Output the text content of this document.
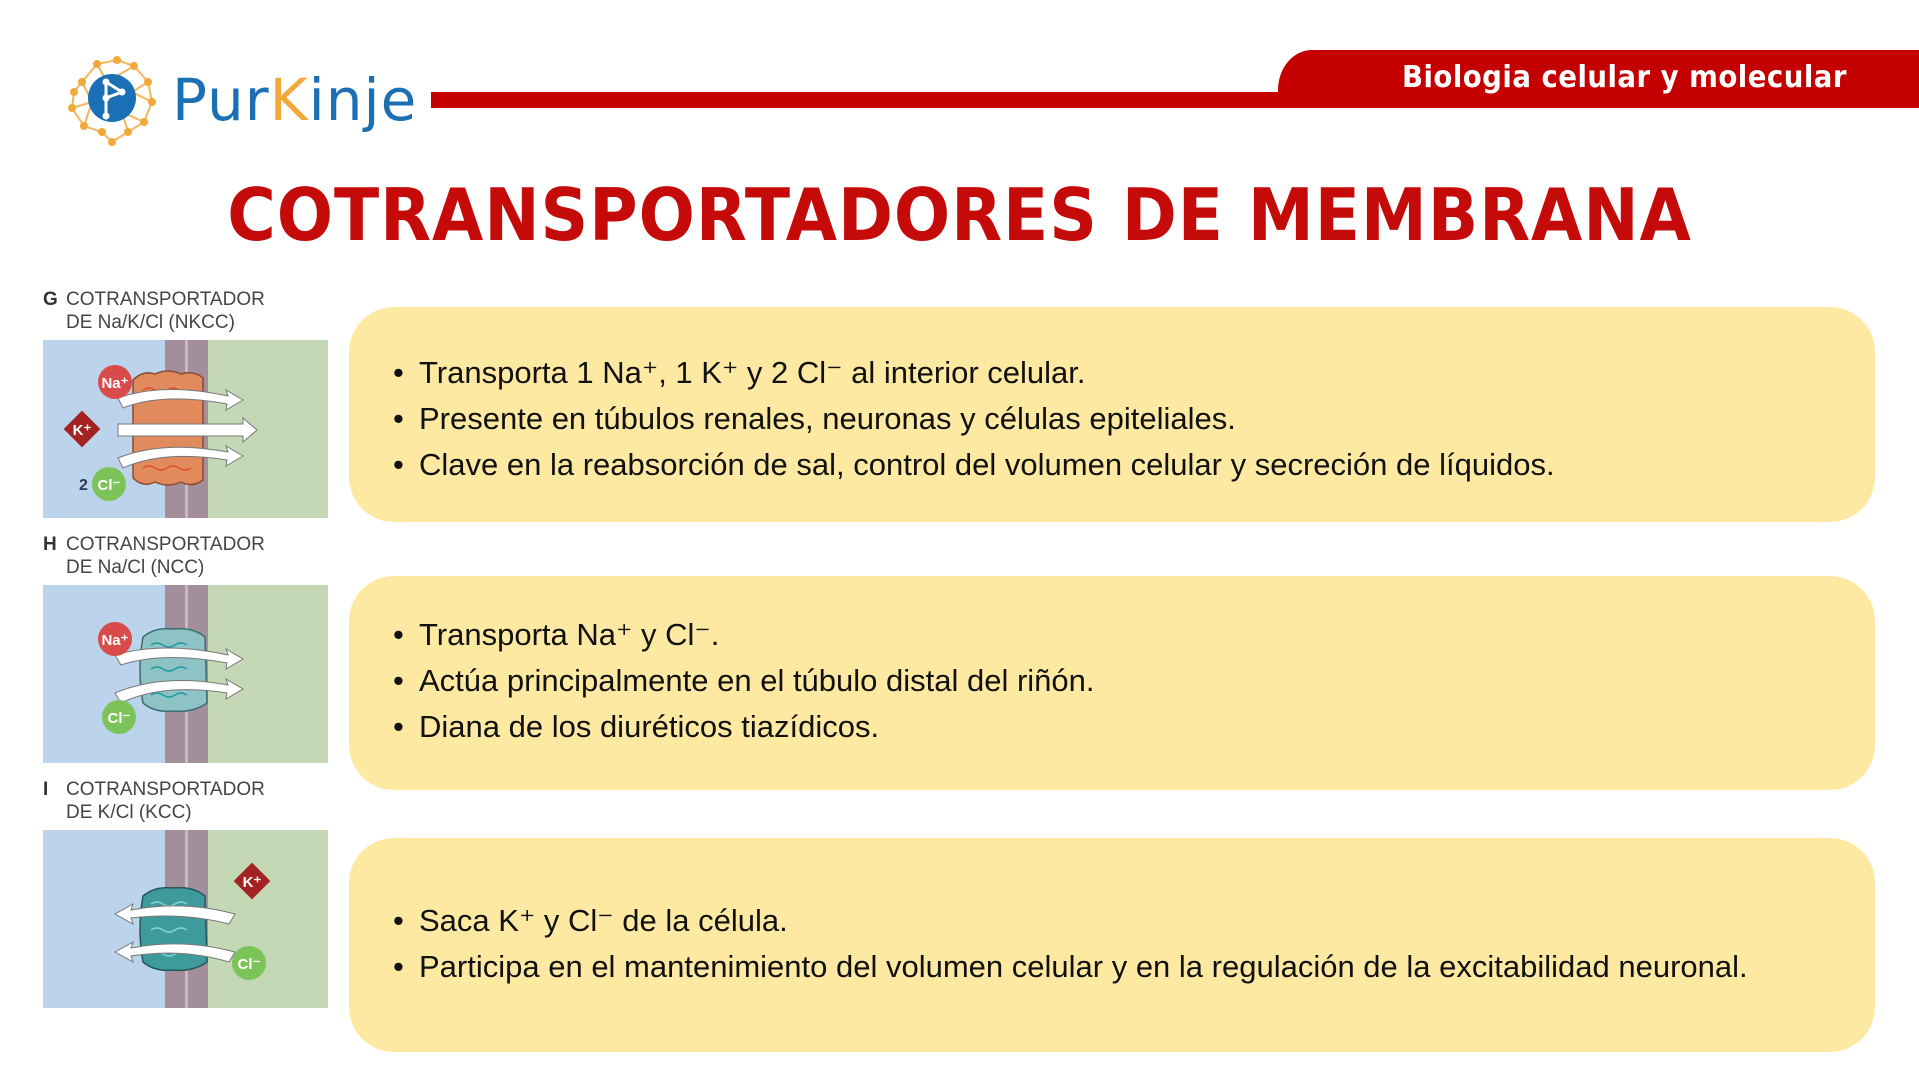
PurKinje	Biologia celular y molecular
COTRANSPORTADORES DE MEMBRANA
G COTRANSPORTADOR
DE Na/K/Cl (NKCC)
Na⁺
K⁺
2 Cl⁻
H COTRANSPORTADOR
DE Na/Cl (NCC)
Na⁺
Cl⁻
I COTRANSPORTADOR
DE K/Cl (KCC)
K⁺
Cl⁻
• Transporta 1 Na⁺, 1 K⁺ y 2 Cl⁻ al interior celular.
• Presente en túbulos renales, neuronas y células epiteliales.
• Clave en la reabsorción de sal, control del volumen celular y secreción de líquidos.
• Transporta Na⁺ y Cl⁻.
• Actúa principalmente en el túbulo distal del riñón.
• Diana de los diuréticos tiazídicos.
• Saca K⁺ y Cl⁻ de la célula.
• Participa en el mantenimiento del volumen celular y en la regulación de la excitabilidad neuronal.
